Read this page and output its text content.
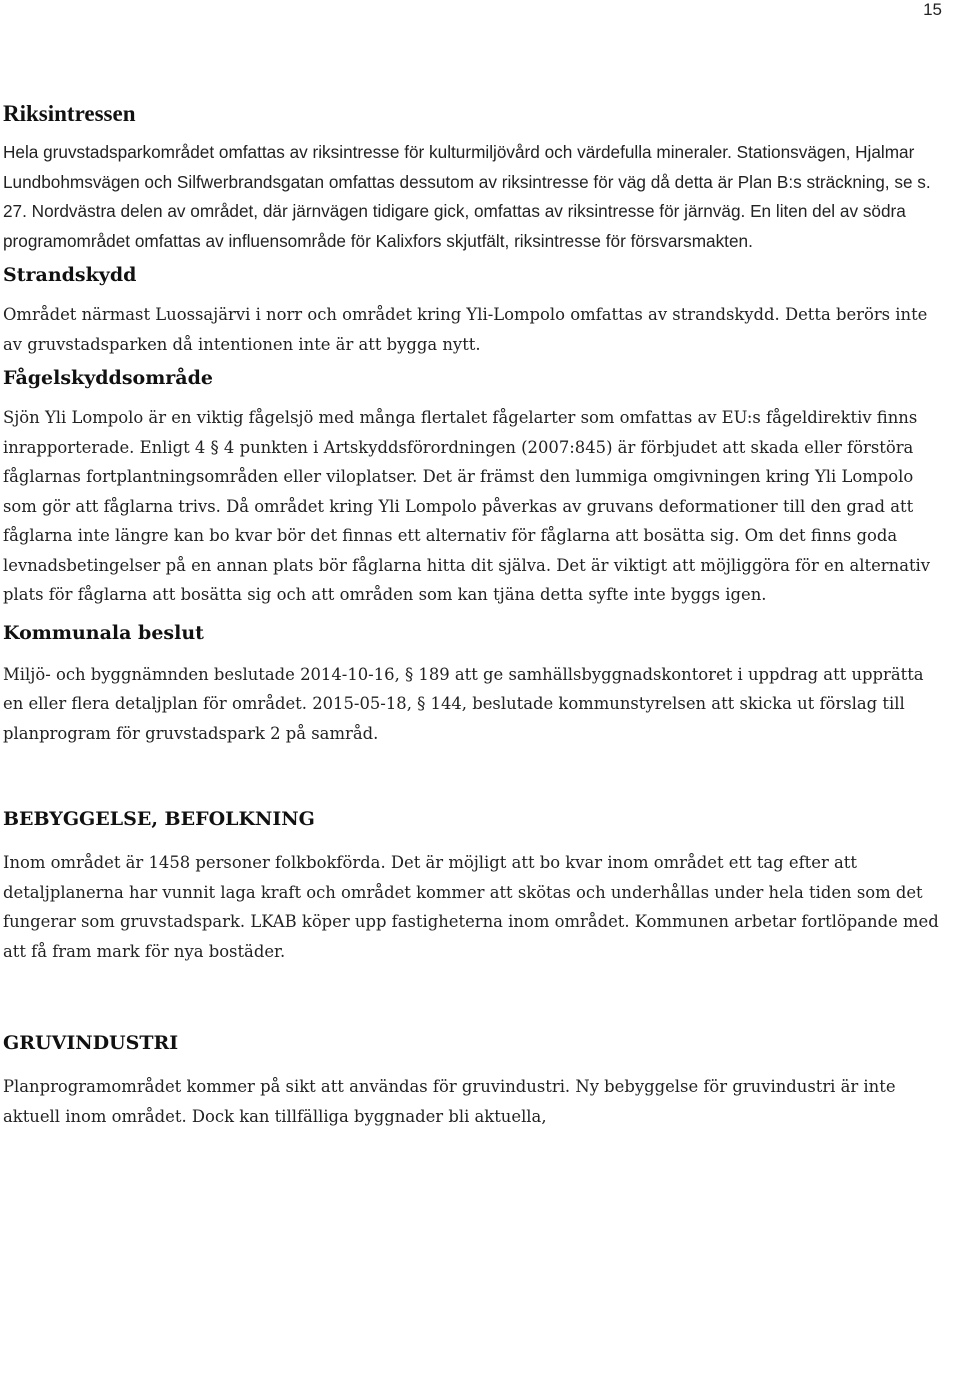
15
Riksintressen

Hela gruvstadsparkområdet omfattas av riksintresse för kulturmiljövård och värdefulla mineraler. Stationsvägen, Hjalmar Lundbohmsvägen och Silfwerbrandsgatan omfattas dessutom av riksintresse för väg då detta är Plan B:s sträckning, se s. 27. Nordvästra delen av området, där järnvägen tidigare gick, omfattas av riksintresse för järnväg. En liten del av södra programområdet omfattas av influensområde för Kalixfors skjutfält, riksintresse för försvarsmakten.

Strandskydd

Området närmast Luossajärvi i norr och området kring Yli-Lompolo omfattas av strandskydd. Detta berörs inte av gruvstadsparken då intentionen inte är att bygga nytt.

Fågelskyddsområde

Sjön Yli Lompolo är en viktig fågelsjö med många flertalet fågelarter som omfattas av EU:s fågeldirektiv finns inrapporterade. Enligt 4 § 4 punkten i Artskyddsförordningen (2007:845) är förbjudet att skada eller förstöra fåglarnas fortplantningsområden eller viloplatser. Det är främst den lummiga omgivningen kring Yli Lompolo som gör att fåglarna trivs. Då området kring Yli Lompolo påverkas av gruvans deformationer till den grad att fåglarna inte längre kan bo kvar bör det finnas ett alternativ för fåglarna att bosätta sig. Om det finns goda levnadsbetingelser på en annan plats bör fåglarna hitta dit själva. Det är viktigt att möjliggöra för en alternativ plats för fåglarna att bosätta sig och att områden som kan tjäna detta syfte inte byggs igen.

Kommunala beslut

Miljö- och byggnämnden beslutade 2014-10-16, § 189 att ge samhällsbyggnadskontoret i uppdrag att upprätta en eller flera detaljplan för området. 2015-05-18, § 144, beslutade kommunstyrelsen att skicka ut förslag till planprogram för gruvstadspark 2 på samråd.

BEBYGGELSE, BEFOLKNING

Inom området är 1458 personer folkbokförda. Det är möjligt att bo kvar inom området ett tag efter att detaljplanerna har vunnit laga kraft och området kommer att skötas och underhållas under hela tiden som det fungerar som gruvstadspark. LKAB köper upp fastigheterna inom området. Kommunen arbetar fortlöpande med att få fram mark för nya bostäder.

GRUVINDUSTRI

Planprogramområdet kommer på sikt att användas för gruvindustri. Ny bebyggelse för gruvindustri är inte aktuell inom området. Dock kan tillfälliga byggnader bli aktuella,
